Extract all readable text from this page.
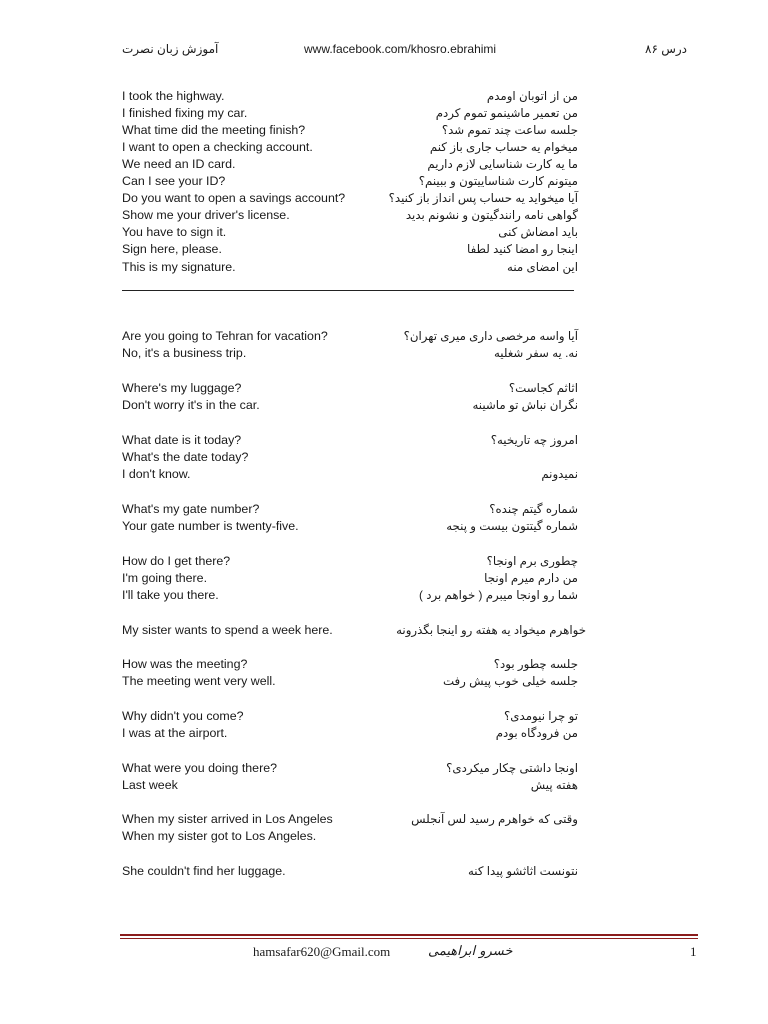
آموزش زبان نصرت	www.facebook.com/khosro.ebrahimi	درس ۸۶
I took the highway.	من از اتوبان اومدم
I finished fixing my car.	من تعمیر ماشینمو تموم کردم
What time did the meeting finish?	جلسه ساعت چند تموم شد؟
I want to open a checking account.	میخوام یه حساب جاری باز کنم
We need an ID card.	ما یه کارت شناسایی لازم داریم
Can I see your ID?	میتونم کارت شناساییتون و ببینم؟
Do you want to open a savings account?	آیا میخواید یه حساب پس انداز باز کنید؟
Show me your driver's license.	گواهی نامه رانندگیتون و نشونم بدید
You have to sign it.	باید امضاش کنی
Sign here, please.	اینجا رو امضا کنید لطفا
This is my signature.	این امضای منه
Are you going to Tehran for vacation?	آیا واسه مرخصی داری میری تهران؟
No, it's a business trip.	نه. یه سفر شغلیه
Where's my luggage?	اثاثم کجاست؟
Don't worry it's in the car.	نگران نباش تو ماشینه
What date is it today?	امروز چه تاریخیه؟
What's the date today?
I don't know.	نمیدونم
What's my gate number?	شماره گیتم چنده؟
Your gate number is twenty-five.	شماره گیتتون بیست و پنجه
How do I get there?	چطوری برم اونجا؟
I'm going there.	من دارم میرم اونجا
I'll take you there.	شما رو اونجا میبرم ( خواهم برد )
My sister wants to spend a week here.	خواهرم میخواد یه هفته رو اینجا بگذرونه
How was the meeting?	جلسه چطور بود؟
The meeting went very well.	جلسه خیلی خوب پیش رفت
Why didn't you come?	تو چرا نیومدی؟
I was at the airport.	من فرودگاه بودم
What were you doing there?	اونجا داشتی چکار میکردی؟
Last week	هفته پیش
When my sister arrived in Los Angeles	وقتی که خواهرم رسید لس آنجلس
When my sister got to Los Angeles.
She couldn't find her luggage.	نتونست اثاثشو پیدا کنه
hamsafar620@Gmail.com	خسرو ابراهیمی	1
